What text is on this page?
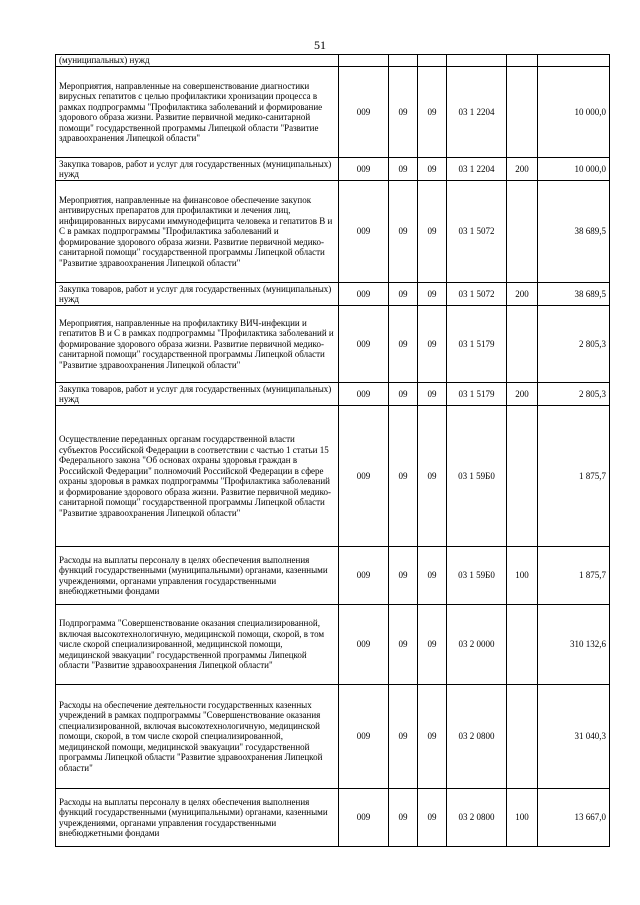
51
(муниципальных) нужд						
Мероприятия, направленные на совершенствование диагностики вирусных гепатитов с целью профилактики хронизации процесса в рамках подпрограммы "Профилактика заболеваний и формирование здорового образа жизни. Развитие первичной медико-санитарной помощи" государственной программы Липецкой области "Развитие здравоохранения Липецкой области"	009	09	09	03 1 2204		10 000,0
Закупка товаров, работ и услуг для государственных (муниципальных) нужд	009	09	09	03 1 2204	200	10 000,0
Мероприятия, направленные на финансовое обеспечение закупок антивирусных препаратов для профилактики и лечения лиц, инфицированных вирусами иммунодефицита человека и гепатитов B и C в рамках подпрограммы "Профилактика заболеваний и формирование здорового образа жизни. Развитие первичной медико-санитарной помощи" государственной программы Липецкой области "Развитие здравоохранения Липецкой области"	009	09	09	03 1 5072		38 689,5
Закупка товаров, работ и услуг для государственных (муниципальных) нужд	009	09	09	03 1 5072	200	38 689,5
Мероприятия, направленные на профилактику ВИЧ-инфекции и гепатитов B и C в рамках подпрограммы "Профилактика заболеваний и формирование здорового образа жизни. Развитие первичной медико-санитарной помощи" государственной программы Липецкой области "Развитие здравоохранения Липецкой области"	009	09	09	03 1 5179		2 805,3
Закупка товаров, работ и услуг для государственных (муниципальных) нужд	009	09	09	03 1 5179	200	2 805,3
Осуществление переданных органам государственной власти субъектов Российской Федерации в соответствии с частью 1 статьи 15 Федерального закона "Об основах охраны здоровья граждан в Российской Федерации" полномочий Российской Федерации в сфере охраны здоровья в рамках подпрограммы "Профилактика заболеваний и формирование здорового образа жизни. Развитие первичной медико-санитарной помощи" государственной программы Липецкой области "Развитие здравоохранения Липецкой области"	009	09	09	03 1 59Б0		1 875,7
Расходы на выплаты персоналу в целях обеспечения выполнения функций государственными (муниципальными) органами, казенными учреждениями, органами управления государственными внебюджетными фондами	009	09	09	03 1 59Б0	100	1 875,7
Подпрограмма "Совершенствование оказания специализированной, включая высокотехнологичную, медицинской помощи, скорой, в том числе скорой специализированной, медицинской помощи, медицинской эвакуации" государственной программы Липецкой области "Развитие здравоохранения Липецкой области"	009	09	09	03 2 0000		310 132,6
Расходы на обеспечение деятельности государственных казенных учреждений в рамках подпрограммы "Совершенствование оказания специализированной, включая высокотехнологичную, медицинской помощи, скорой, в том числе скорой специализированной, медицинской помощи, медицинской эвакуации" государственной программы Липецкой области "Развитие здравоохранения Липецкой области"	009	09	09	03 2 0800		31 040,3
Расходы на выплаты персоналу в целях обеспечения выполнения функций государственными (муниципальными) органами, казенными учреждениями, органами управления государственными внебюджетными фондами	009	09	09	03 2 0800	100	13 667,0
